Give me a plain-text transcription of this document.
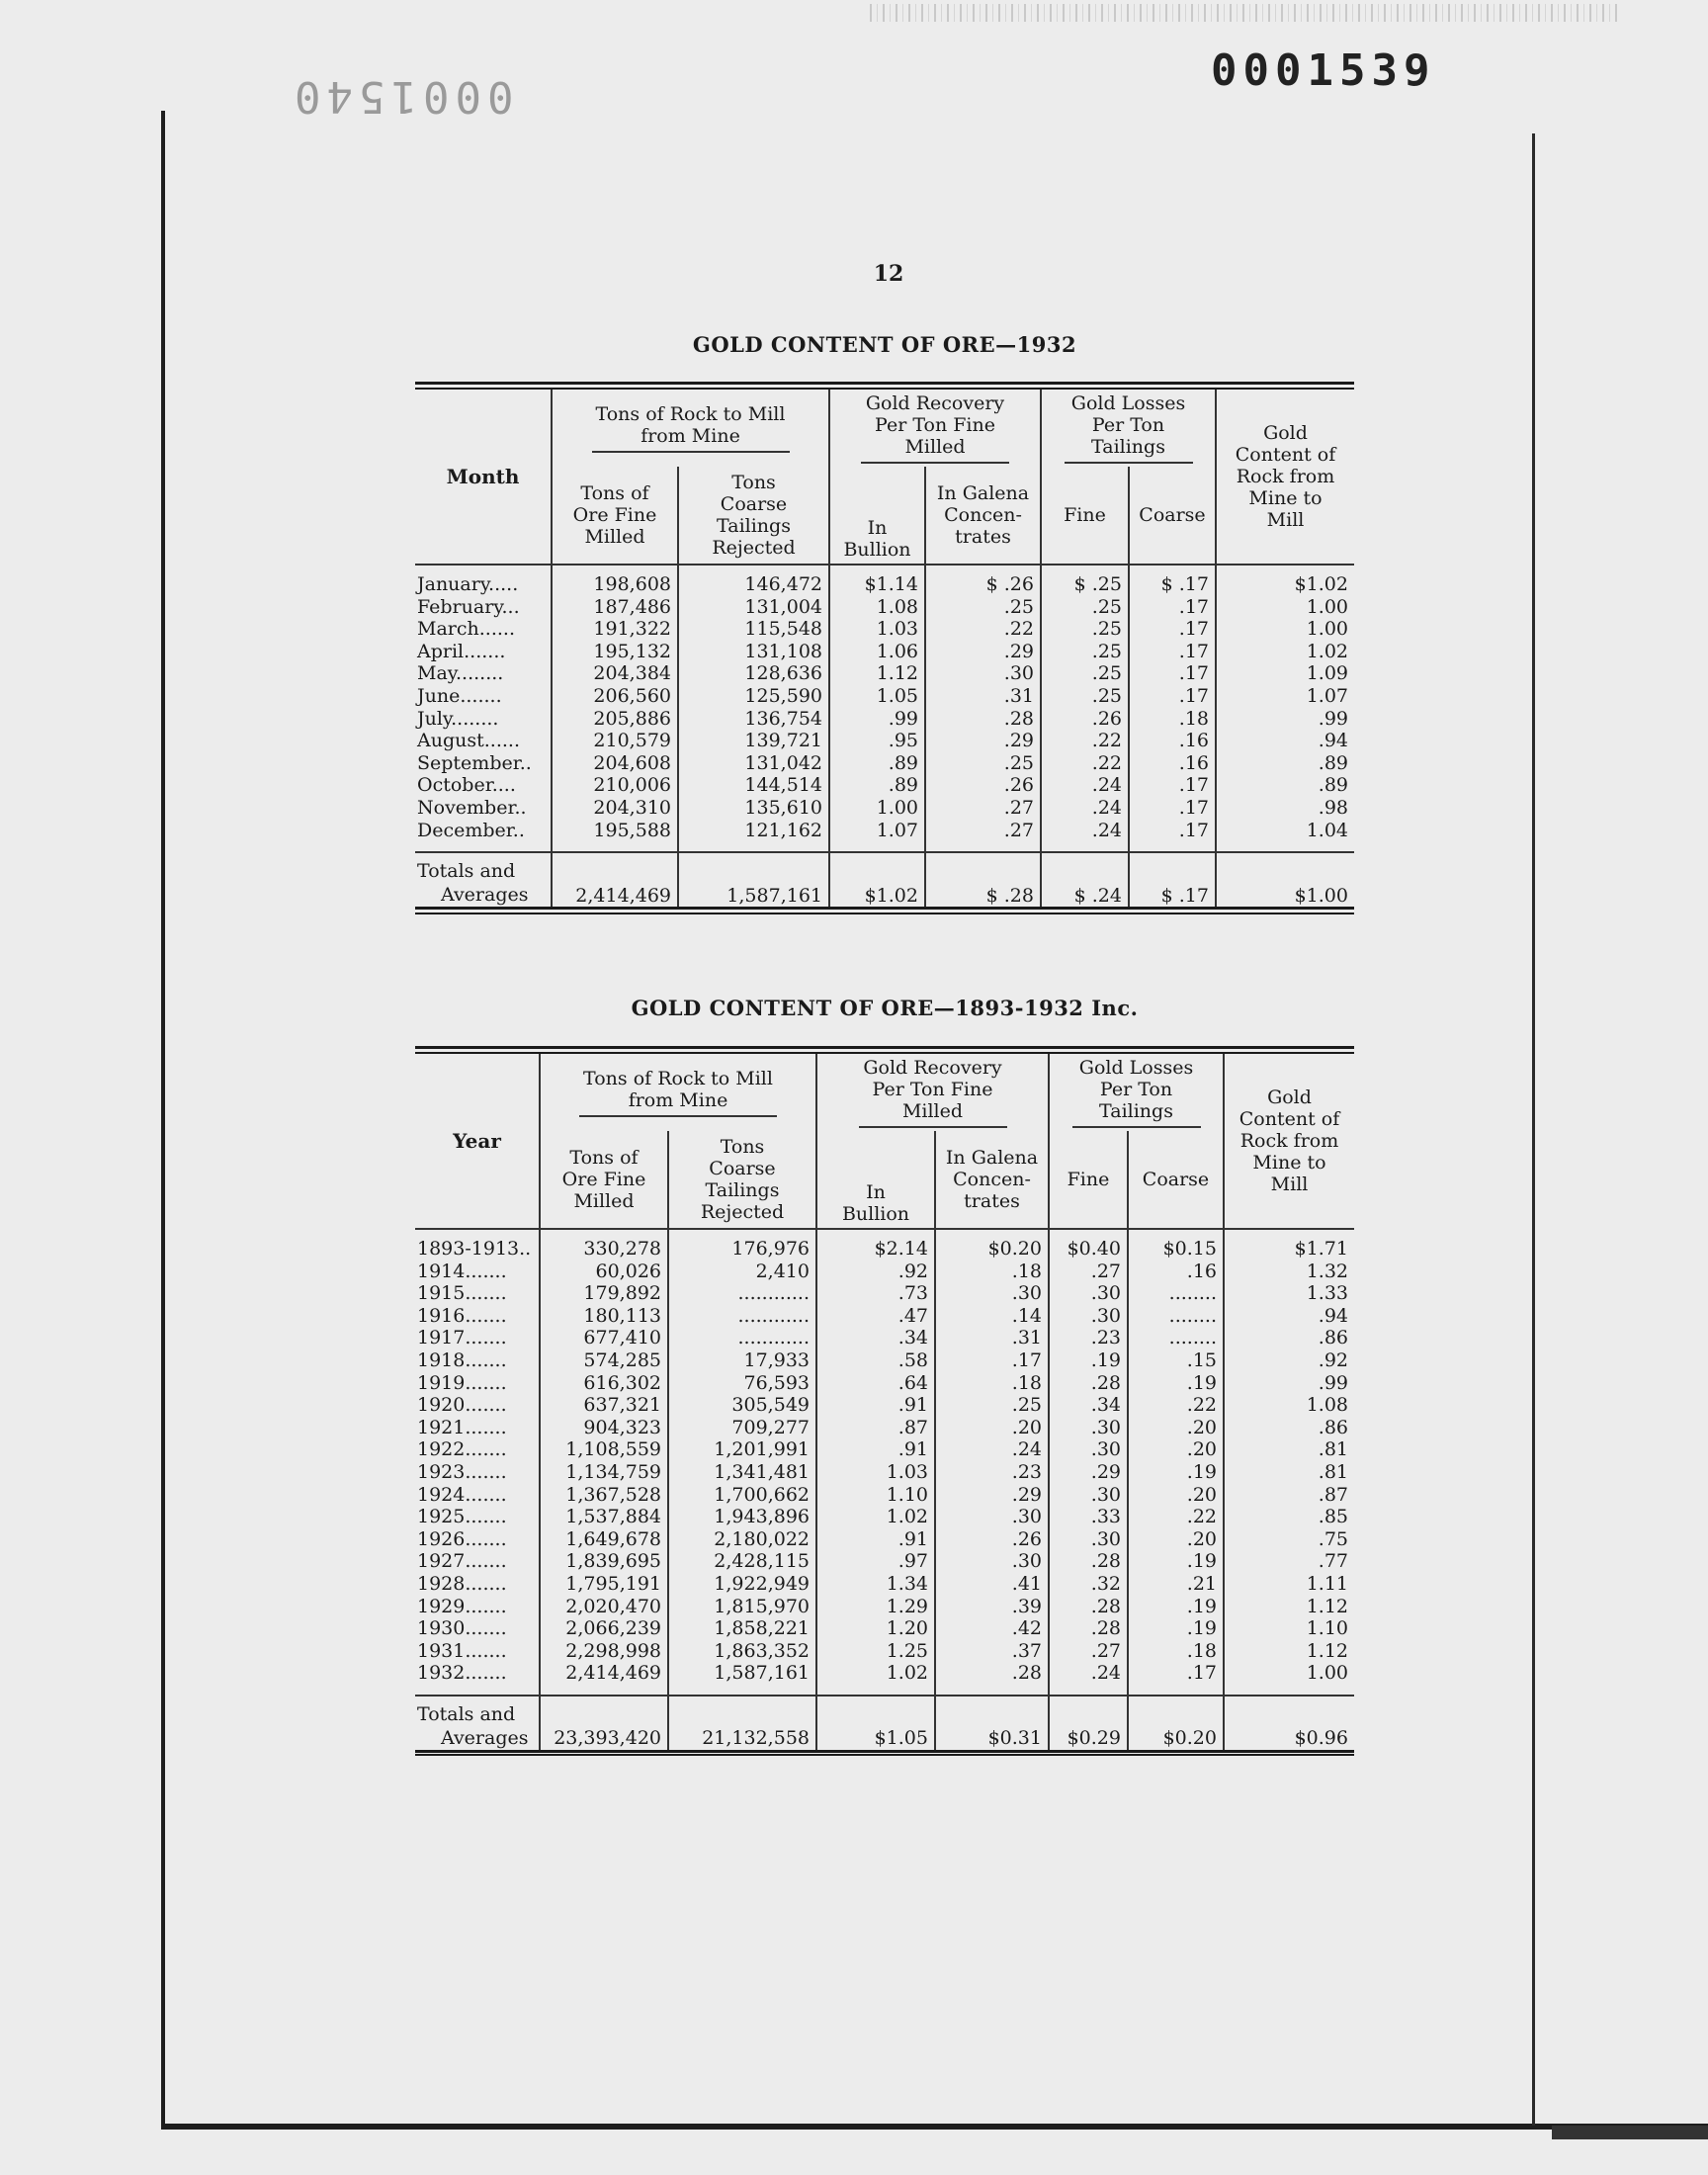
0001539
0001540
12
GOLD CONTENT OF ORE—1932
Month	Tons of Rock to Mill from Mine		Gold Recovery Per Ton Fine Milled		Gold Losses Per Ton Tailings		Gold Content of Rock from Mine to Mill

	Tons of Ore Fine Milled	Tons Coarse Tailings Rejected	In Bullion	In Galena Concen- trates	Fine	Coarse	
January.....	198,608	146,472	$1.14	$ .26	$ .25	$ .17	$1.02
February...	187,486	131,004	1.08	.25	.25	.17	1.00
March......	191,322	115,548	1.03	.22	.25	.17	1.00
April.......	195,132	131,108	1.06	.29	.25	.17	1.02
May........	204,384	128,636	1.12	.30	.25	.17	1.09
June.......	206,560	125,590	1.05	.31	.25	.17	1.07
July........	205,886	136,754	.99	.28	.26	.18	.99
August......	210,579	139,721	.95	.29	.22	.16	.94
September..	204,608	131,042	.89	.25	.22	.16	.89
October....	210,006	144,514	.89	.26	.24	.17	.89
November..	204,310	135,610	1.00	.27	.24	.17	.98
December..	195,588	121,162	1.07	.27	.24	.17	1.04

Totals and
Averages	2,414,469	1,587,161	$1.02	$ .28	$ .24	$ .17	$1.00
GOLD CONTENT OF ORE—1893-1932 Inc.
Year	Tons of Rock to Mill from Mine		Gold Recovery Per Ton Fine Milled		Gold Losses Per Ton Tailings		Gold Content of Rock from Mine to Mill

	Tons of Ore Fine Milled	Tons Coarse Tailings Rejected	In Bullion	In Galena Concen- trates	Fine	Coarse	
1893-1913..	330,278	176,976	$2.14	$0.20	$0.40	$0.15	$1.71
1914.......	60,026	2,410	.92	.18	.27	.16	1.32
1915.......	179,892	............	.73	.30	.30	........	1.33
1916.......	180,113	............	.47	.14	.30	........	.94
1917.......	677,410	............	.34	.31	.23	........	.86
1918.......	574,285	17,933	.58	.17	.19	.15	.92
1919.......	616,302	76,593	.64	.18	.28	.19	.99
1920.......	637,321	305,549	.91	.25	.34	.22	1.08
1921.......	904,323	709,277	.87	.20	.30	.20	.86
1922.......	1,108,559	1,201,991	.91	.24	.30	.20	.81
1923.......	1,134,759	1,341,481	1.03	.23	.29	.19	.81
1924.......	1,367,528	1,700,662	1.10	.29	.30	.20	.87
1925.......	1,537,884	1,943,896	1.02	.30	.33	.22	.85
1926.......	1,649,678	2,180,022	.91	.26	.30	.20	.75
1927.......	1,839,695	2,428,115	.97	.30	.28	.19	.77
1928.......	1,795,191	1,922,949	1.34	.41	.32	.21	1.11
1929.......	2,020,470	1,815,970	1.29	.39	.28	.19	1.12
1930.......	2,066,239	1,858,221	1.20	.42	.28	.19	1.10
1931.......	2,298,998	1,863,352	1.25	.37	.27	.18	1.12
1932.......	2,414,469	1,587,161	1.02	.28	.24	.17	1.00

Totals and
Averages	23,393,420	21,132,558	$1.05	$0.31	$0.29	$0.20	$0.96
